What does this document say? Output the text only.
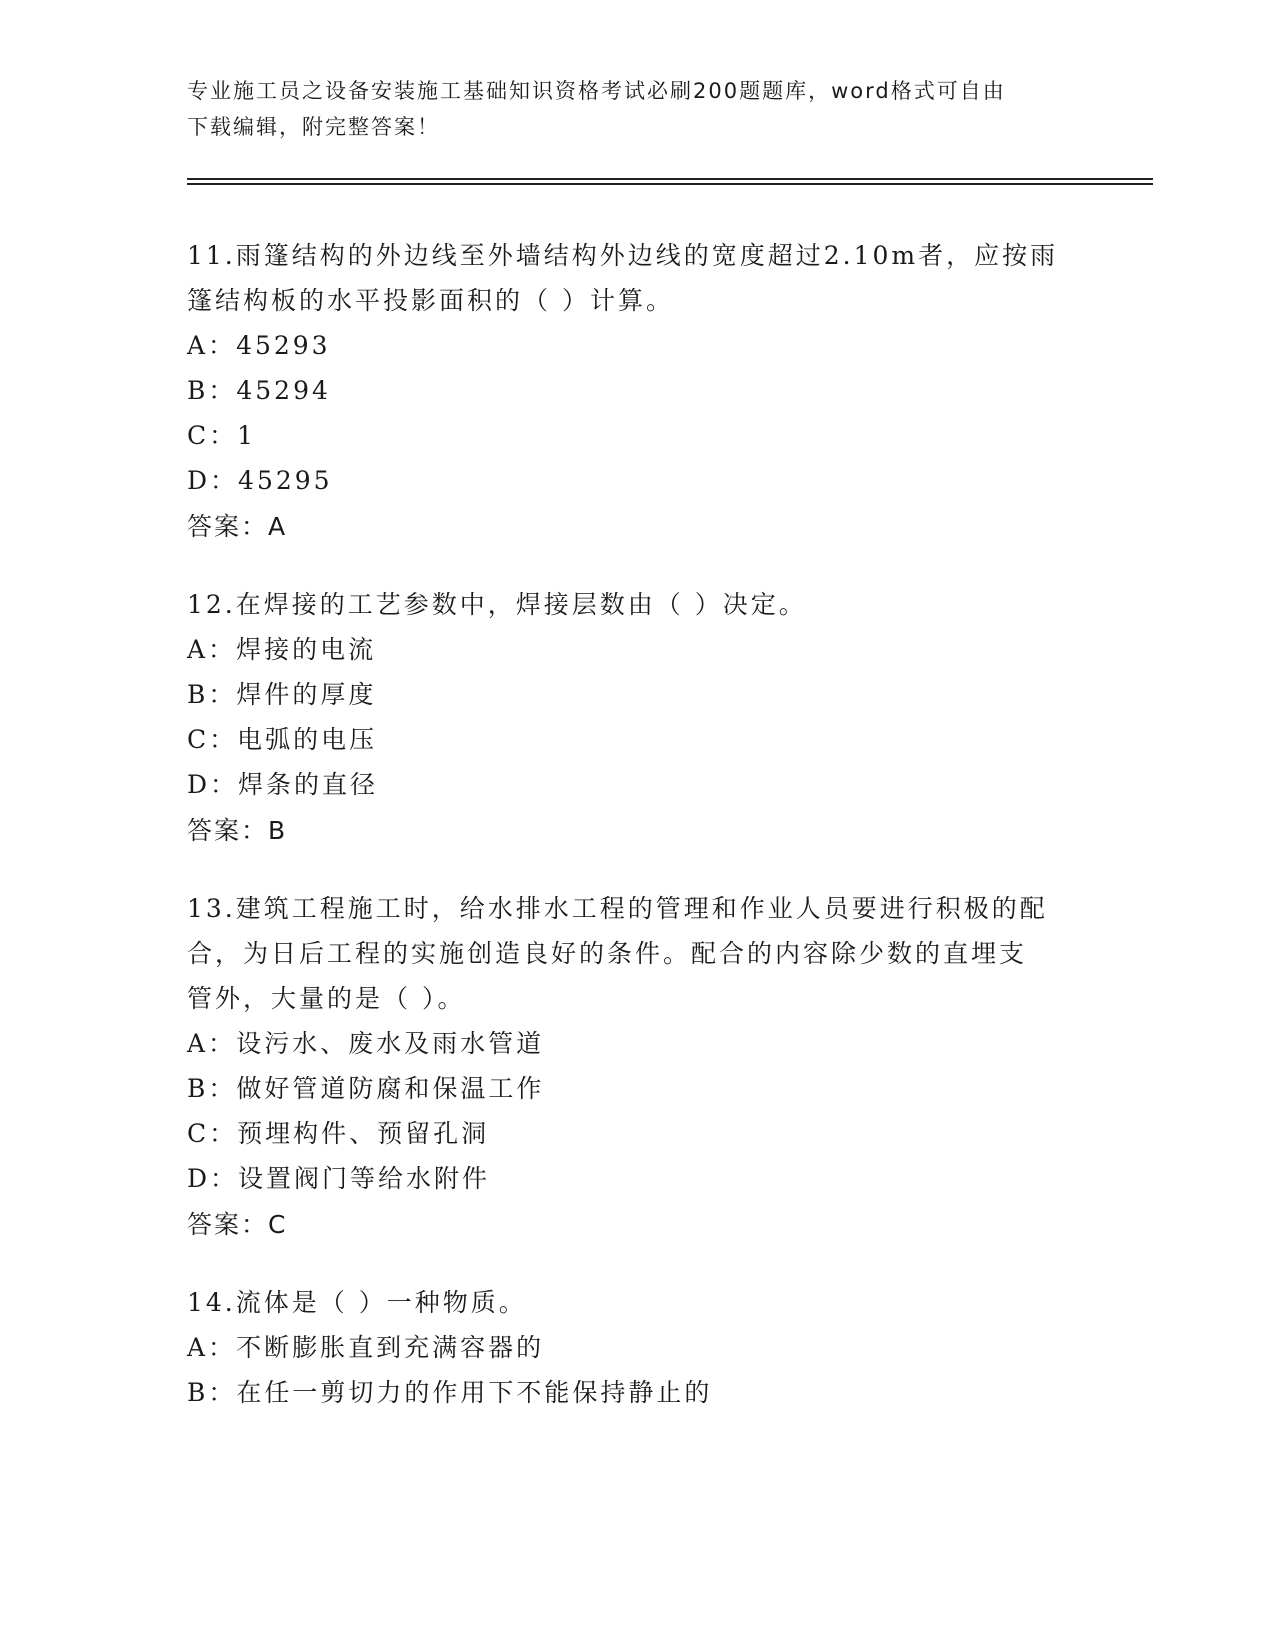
专业施工员之设备安装施工基础知识资格考试必刷200题题库，word格式可自由
下载编辑，附完整答案！

11.雨篷结构的外边线至外墙结构外边线的宽度超过2.10m者，应按雨

篷结构板的水平投影面积的（ ）计算。

A： 45293

B： 45294

C： 1

D： 45295

答案：A

12.在焊接的工艺参数中，焊接层数由（ ）决定。

A： 焊接的电流

B： 焊件的厚度

C： 电弧的电压

D： 焊条的直径

答案：B

13.建筑工程施工时，给水排水工程的管理和作业人员要进行积极的配

合，为日后工程的实施创造良好的条件。配合的内容除少数的直埋支

管外，大量的是（ ）。

A： 设污水、废水及雨水管道

B： 做好管道防腐和保温工作

C： 预埋构件、预留孔洞

D： 设置阀门等给水附件

答案：C

14.流体是（ ）一种物质。

A： 不断膨胀直到充满容器的

B： 在任一剪切力的作用下不能保持静止的
